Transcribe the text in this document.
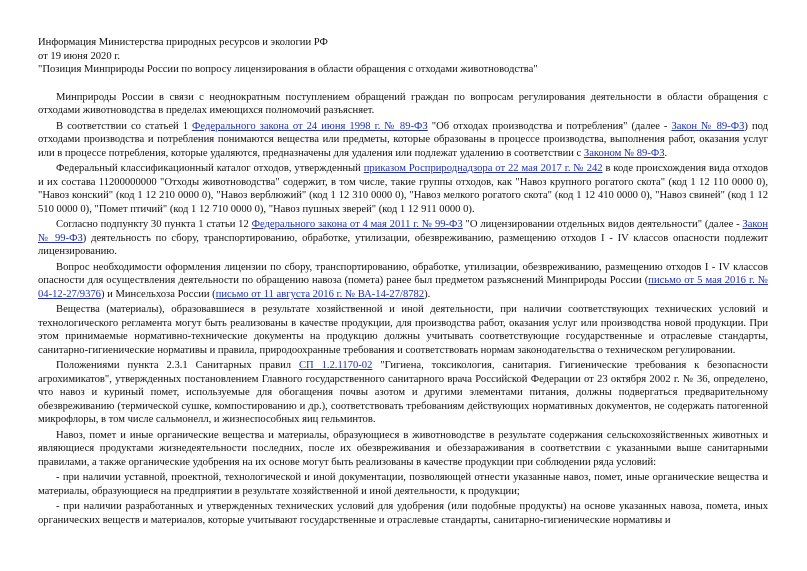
Информация Министерства природных ресурсов и экологии РФ
от 19 июня 2020 г.
"Позиция Минприроды России по вопросу лицензирования в области обращения с отходами животноводства"

Минприроды России в связи с неоднократным поступлением обращений граждан по вопросам регулирования деятельности в области обращения с отходами животноводства в пределах имеющихся полномочий разъясняет.

В соответствии со статьей 1 Федерального закона от 24 июня 1998 г. № 89-ФЗ "Об отходах производства и потребления" (далее - Закон № 89-ФЗ) под отходами производства и потребления понимаются вещества или предметы, которые образованы в процессе производства, выполнения работ, оказания услуг или в процессе потребления, которые удаляются, предназначены для удаления или подлежат удалению в соответствии с Законом № 89-ФЗ.

Федеральный классификационный каталог отходов, утвержденный приказом Росприроднадзора от 22 мая 2017 г. № 242 в коде происхождения вида отходов и их состава 11200000000 "Отходы животноводства" содержит, в том числе, такие группы отходов, как "Навоз крупного рогатого скота" (код 1 12 110 0000 0), "Навоз конский" (код 1 12 210 0000 0), "Навоз верблюжий" (код 1 12 310 0000 0), "Навоз мелкого рогатого скота" (код 1 12 410 0000 0), "Навоз свиней" (код 1 12 510 0000 0), "Помет птичий" (код 1 12 710 0000 0), "Навоз пушных зверей" (код 1 12 911 0000 0).

Согласно подпункту 30 пункта 1 статьи 12 Федерального закона от 4 мая 2011 г. № 99-ФЗ "О лицензировании отдельных видов деятельности" (далее - Закон № 99-ФЗ) деятельность по сбору, транспортированию, обработке, утилизации, обезвреживанию, размещению отходов I - IV классов опасности подлежит лицензированию.

Вопрос необходимости оформления лицензии по сбору, транспортированию, обработке, утилизации, обезвреживанию, размещению отходов I - IV классов опасности для осуществления деятельности по обращению навоза (помета) ранее был предметом разъяснений Минприроды России (письмо от 5 мая 2016 г. № 04-12-27/9376) и Минсельхоза России (письмо от 11 августа 2016 г. № ВА-14-27/8782).

Вещества (материалы), образовавшиеся в результате хозяйственной и иной деятельности, при наличии соответствующих технических условий и технологического регламента могут быть реализованы в качестве продукции, для производства работ, оказания услуг или производства новой продукции. При этом принимаемые нормативно-технические документы на продукцию должны учитывать соответствующие государственные и отраслевые стандарты, санитарно-гигиенические нормативы и правила, природоохранные требования и соответствовать нормам законодательства о техническом регулировании.

Положениями пункта 2.3.1 Санитарных правил СП 1.2.1170-02 "Гигиена, токсикология, санитария. Гигиенические требования к безопасности агрохимикатов", утвержденных постановлением Главного государственного санитарного врача Российской Федерации от 23 октября 2002 г. № 36, определено, что навоз и куриный помет, используемые для обогащения почвы азотом и другими элементами питания, должны подвергаться предварительному обезвреживанию (термической сушке, компостированию и др.), соответствовать требованиям действующих нормативных документов, не содержать патогенной микрофлоры, в том числе сальмонелл, и жизнеспособных яиц гельминтов.

Навоз, помет и иные органические вещества и материалы, образующиеся в животноводстве в результате содержания сельскохозяйственных животных и являющиеся продуктами жизнедеятельности последних, после их обезвреживания и обеззараживания в соответствии с указанными выше санитарными правилами, а также органические удобрения на их основе могут быть реализованы в качестве продукции при соблюдении ряда условий:

- при наличии уставной, проектной, технологической и иной документации, позволяющей отнести указанные навоз, помет, иные органические вещества и материалы, образующиеся на предприятии в результате хозяйственной и иной деятельности, к продукции;

- при наличии разработанных и утвержденных технических условий для удобрения (или подобные продукты) на основе указанных навоза, помета, иных органических веществ и материалов, которые учитывают государственные и отраслевые стандарты, санитарно-гигиенические нормативы и
